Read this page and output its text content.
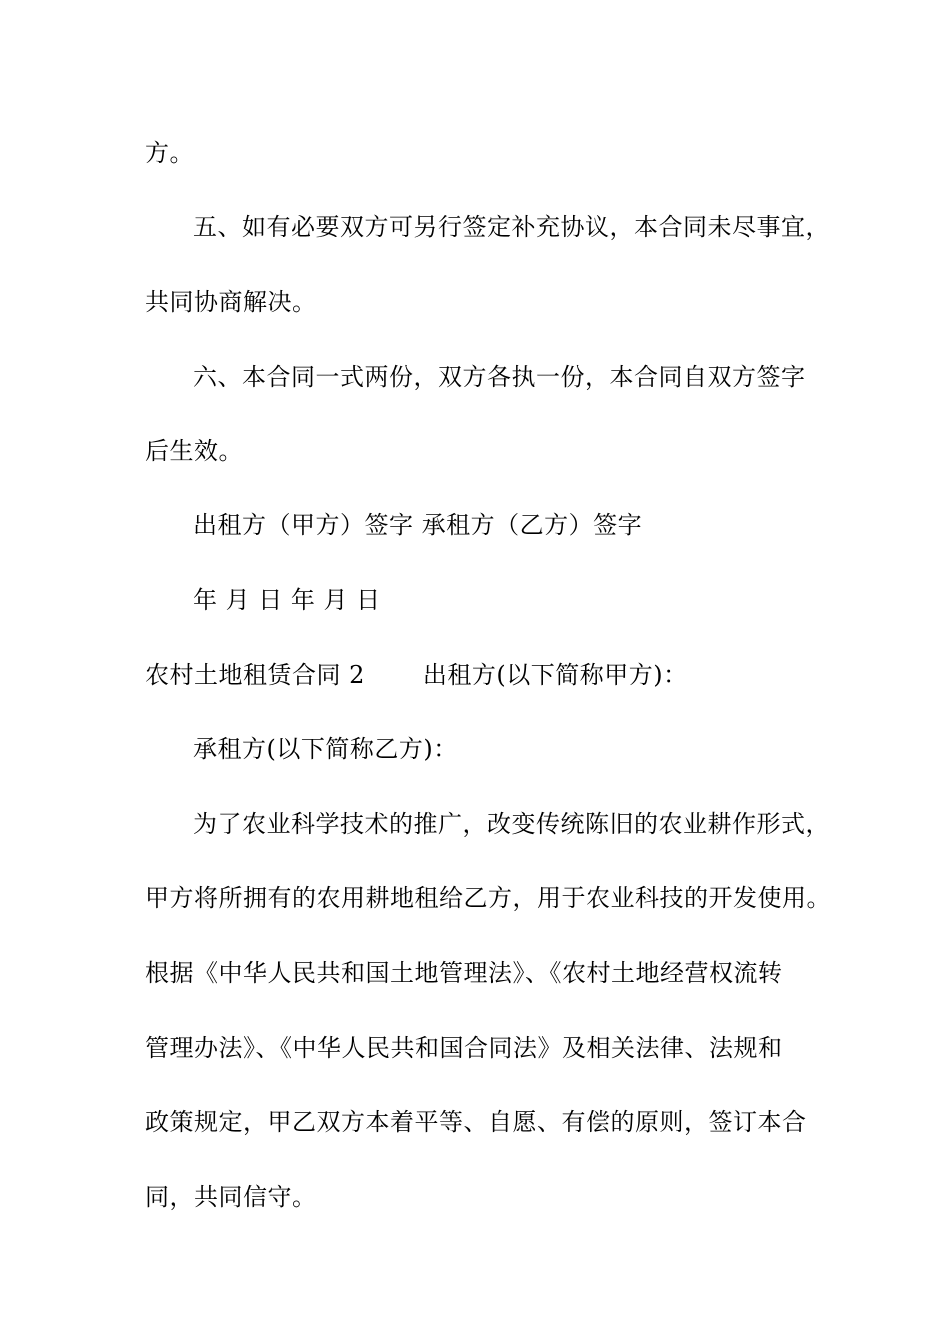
方。
五、如有必要双方可另行签定补充协议，本合同未尽事宜，
共同协商解决。
六、本合同一式两份，双方各执一份，本合同自双方签字
后生效。
出租方（甲方）签字 承租方（乙方）签字
年 月 日 年 月 日
农村土地租赁合同 2 出租方(以下简称甲方)：
承租方(以下简称乙方)：
为了农业科学技术的推广，改变传统陈旧的农业耕作形式，
甲方将所拥有的农用耕地租给乙方，用于农业科技的开发使用。
根据《中华人民共和国土地管理法》、《农村土地经营权流转
管理办法》、《中华人民共和国合同法》及相关法律、法规和
政策规定，甲乙双方本着平等、自愿、有偿的原则，签订本合
同，共同信守。
